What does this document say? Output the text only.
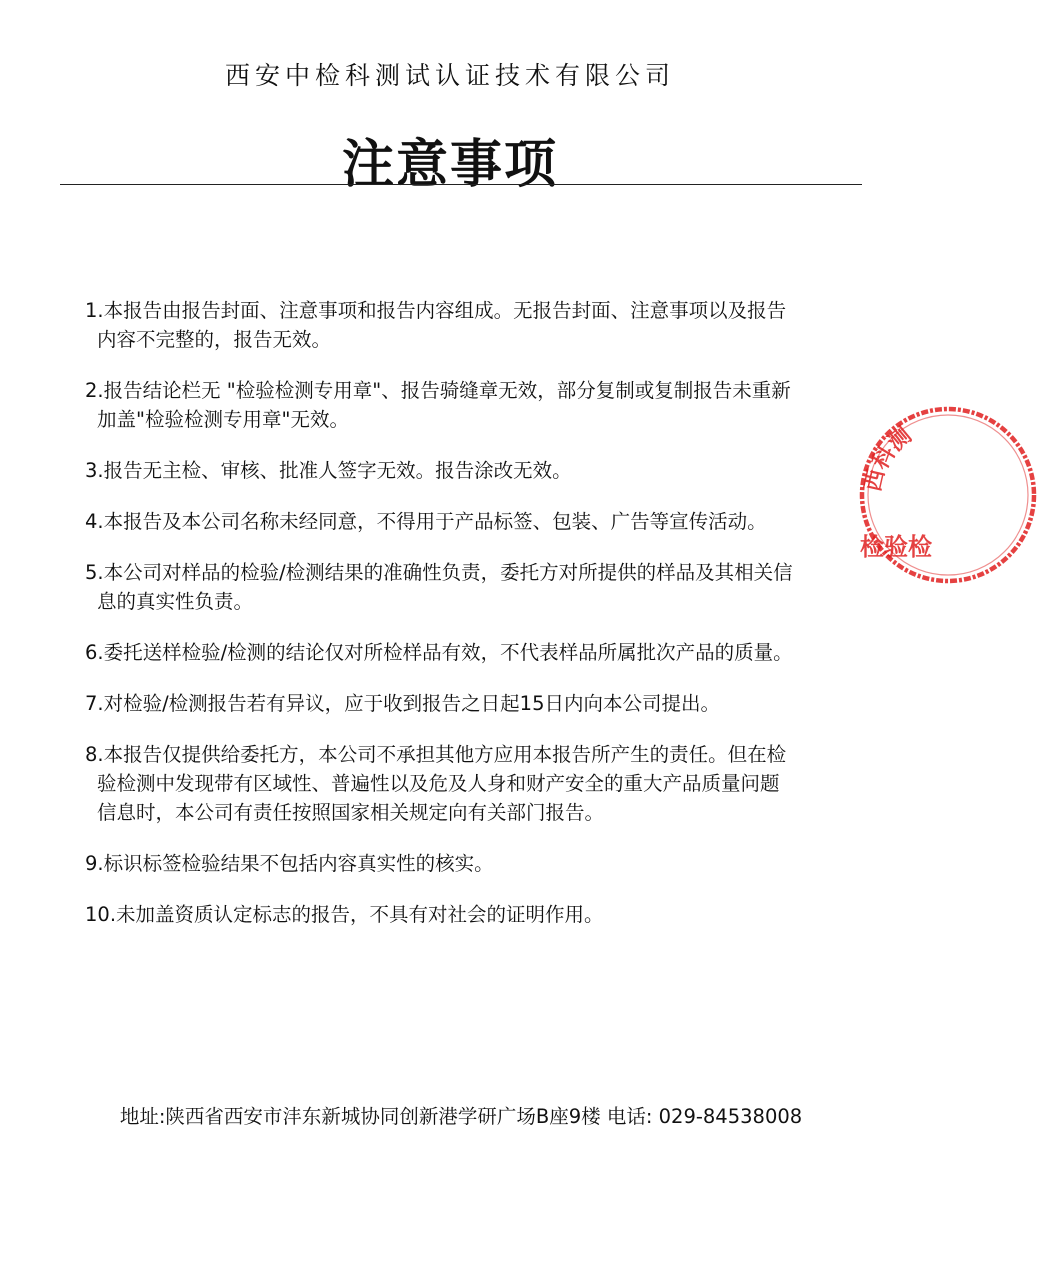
西安中检科测试认证技术有限公司
注意事项
1.本报告由报告封面、注意事项和报告内容组成。无报告封面、注意事项以及报告内容不完整的，报告无效。
2.报告结论栏无 "检验检测专用章"、报告骑缝章无效，部分复制或复制报告未重新加盖"检验检测专用章"无效。
3.报告无主检、审核、批准人签字无效。报告涂改无效。
4.本报告及本公司名称未经同意，不得用于产品标签、包装、广告等宣传活动。
5.本公司对样品的检验/检测结果的准确性负责，委托方对所提供的样品及其相关信息的真实性负责。
6.委托送样检验/检测的结论仅对所检样品有效，不代表样品所属批次产品的质量。
7.对检验/检测报告若有异议，应于收到报告之日起15日内向本公司提出。
8.本报告仅提供给委托方，本公司不承担其他方应用本报告所产生的责任。但在检验检测中发现带有区域性、普遍性以及危及人身和财产安全的重大产品质量问题信息时，本公司有责任按照国家相关规定向有关部门报告。
9.标识标签检验结果不包括内容真实性的核实。
10.未加盖资质认定标志的报告，不具有对社会的证明作用。
地址:陕西省西安市沣东新城协同创新港学研广场B座9楼 电话: 029-84538008
西科测
检验检
